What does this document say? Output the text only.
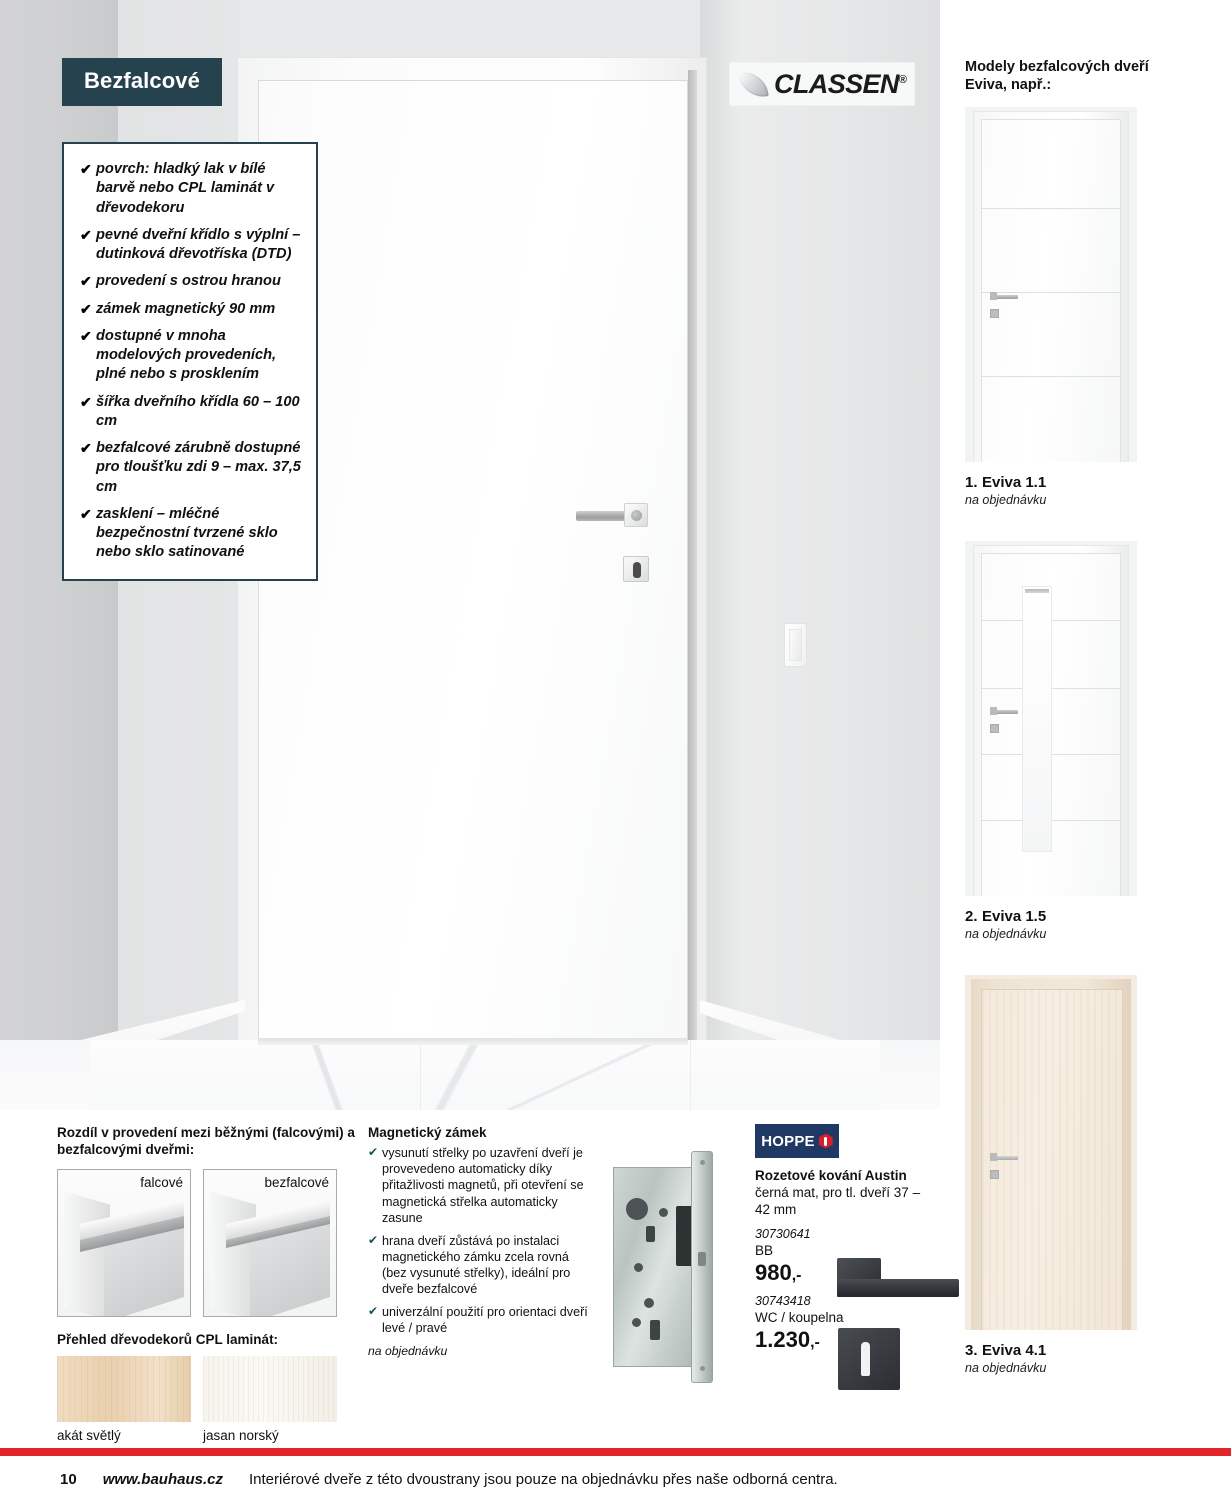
Bezfalcové
✔ povrch: hladký lak v bílé barvě nebo CPL laminát v dřevodekoru
✔ pevné dveřní křídlo s výplní – dutinková dřevotříska (DTD)
✔ provedení s ostrou hranou
✔ zámek magnetický 90 mm
✔ dostupné v mnoha modelových provedeních, plné nebo s prosklením
✔ šířka dveřního křídla 60 – 100 cm
✔ bezfalcové zárubně dostupné pro tloušťku zdi 9 – max. 37,5 cm
✔ zasklení – mléčné bezpečnostní tvrzené sklo nebo sklo satinované
CLASSEN®
Modely bezfalcových dveří Eviva, např.:
1. Eviva 1.1
na objednávku
2. Eviva 1.5
na objednávku
3. Eviva 4.1
na objednávku
Rozdíl v provedení mezi běžnými (falcovými) a bezfalcovými dveřmi:
falcové	bezfalcové
Přehled dřevodekorů CPL laminát:
akát světlý	jasan norský
Magnetický zámek
✔ vysunutí střelky po uzavření dveří je provevedeno automaticky díky přitažlivosti magnetů, při otevření se magnetická střelka automaticky zasune
✔ hrana dveří zůstává po instalaci magnetického zámku zcela rovná (bez vysunuté střelky), ideální pro dveře bezfalcové
✔ univerzální použití pro orientaci dveří levé / pravé
na objednávku
HOPPE
Rozetové kování Austin
černá mat, pro tl. dveří 37 – 42 mm
30730641
BB
980,-
30743418
WC / koupelna
1.230,-
10 www.bauhaus.cz Interiérové dveře z této dvoustrany jsou pouze na objednávku přes naše odborná centra.
